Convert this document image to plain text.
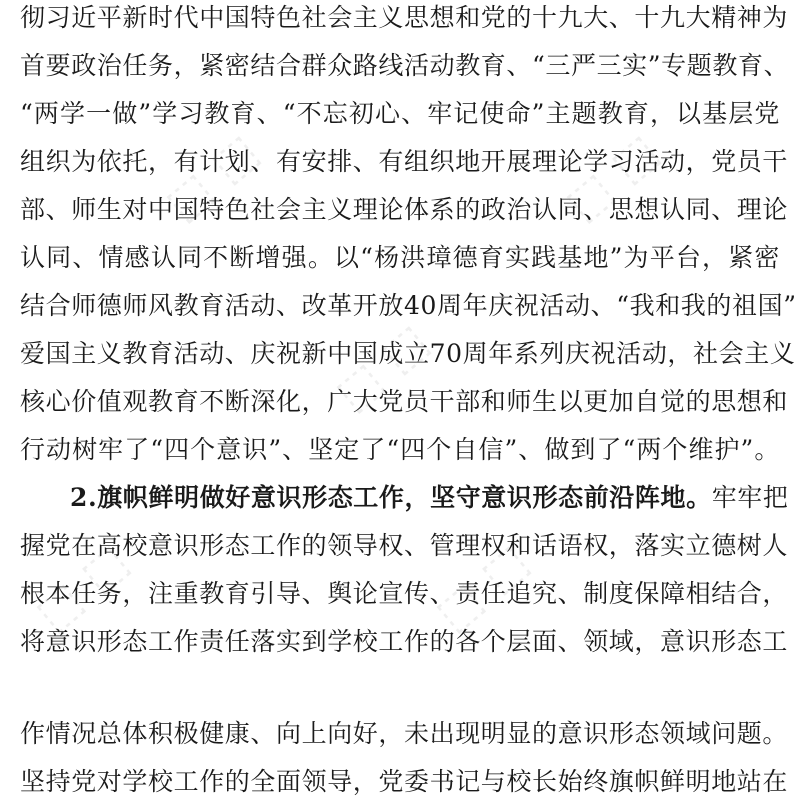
彻习近平新时代中国特色社会主义思想和党的十九大、十九大精神为
首要政治任务，紧密结合群众路线活动教育、“三严三实”专题教育、
“两学一做”学习教育、“不忘初心、牢记使命”主题教育，以基层党
组织为依托，有计划、有安排、有组织地开展理论学习活动，党员干
部、师生对中国特色社会主义理论体系的政治认同、思想认同、理论
认同、情感认同不断增强。以“杨洪璋德育实践基地”为平台，紧密
结合师德师风教育活动、改革开放40周年庆祝活动、“我和我的祖国”
爱国主义教育活动、庆祝新中国成立70周年系列庆祝活动，社会主义
核心价值观教育不断深化，广大党员干部和师生以更加自觉的思想和
行动树牢了“四个意识”、坚定了“四个自信”、做到了“两个维护”。
2.旗帜鲜明做好意识形态工作，坚守意识形态前沿阵地。牢牢把
握党在高校意识形态工作的领导权、管理权和话语权，落实立德树人
根本任务，注重教育引导、舆论宣传、责任追究、制度保障相结合，
将意识形态工作责任落实到学校工作的各个层面、领域，意识形态工
作情况总体积极健康、向上向好，未出现明显的意识形态领域问题。
坚持党对学校工作的全面领导，党委书记与校长始终旗帜鲜明地站在
⬚ ⬚	⬚ ⬚
⬚ ⬚
⬚ ⬚	⬚ ⬚
